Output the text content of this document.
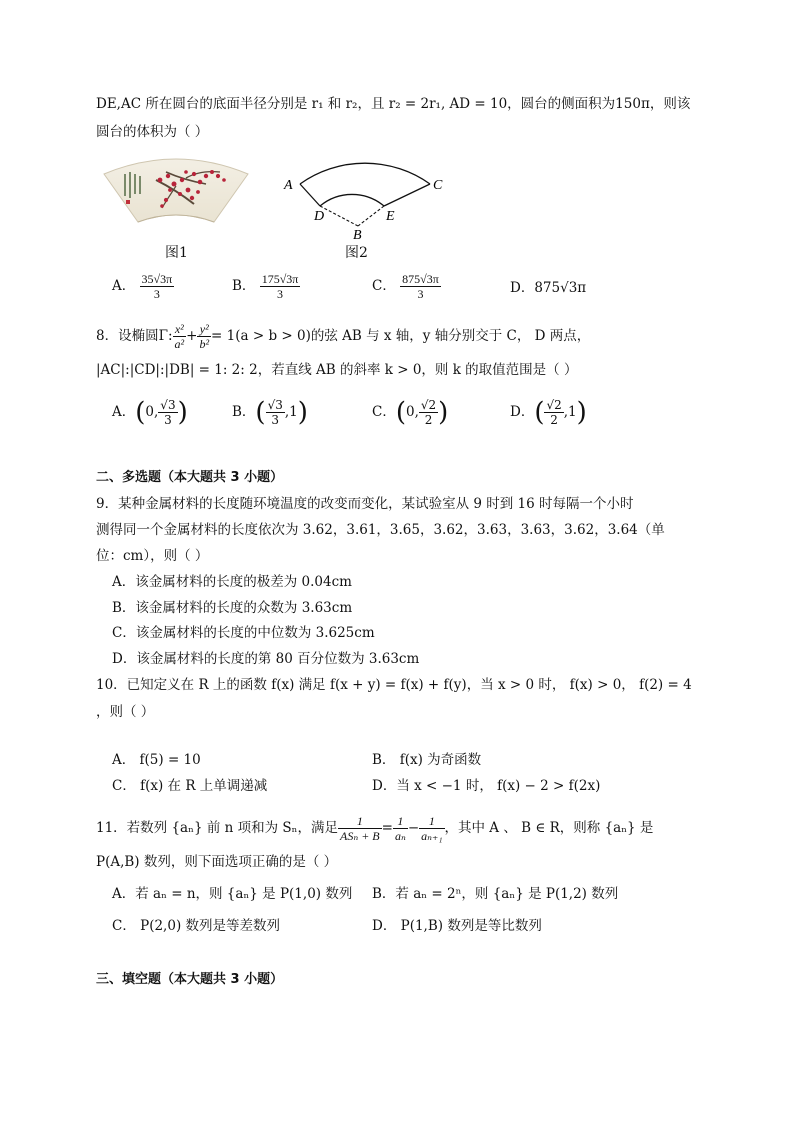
DE,AC 所在圆台的底面半径分别是 r₁ 和 r₂，且 r₂ = 2r₁, AD = 10，圆台的侧面积为150π，则该
圆台的体积为（ ）
图1
A	C
D	E
B
图2
A． $\frac{35√3\pi}{3}$	B． $\frac{175√3\pi}{3}$	C． $\frac{875√3\pi}{3}$	D．875√3π
8．设椭圆Γ: $\frac{\text{x²}}{\text{a²}} + \frac{\text{y²}}{\text{b²}} = 1(a > b > 0)$的弦 AB 与 x 轴，y 轴分别交于 C， D 两点，
|AC|:|CD|:|DB| = 1: 2: 2，若直线 AB 的斜率 k > 0，则 k 的取值范围是（ ）
A．(0, $\frac{√3}{3}$ )	B．( $\frac{√3}{3} ,1$)	C．(0, $\frac{√2}{2}$ )	D．( $\frac{√2}{2} ,1$)
二、多选题（本大题共 3 小题）
9．某种金属材料的长度随环境温度的改变而变化，某试验室从 9 时到 16 时每隔一个小时
测得同一个金属材料的长度依次为 3.62，3.61，3.65，3.62，3.63，3.63，3.62，3.64（单
位：cm），则（ ）
A．该金属材料的长度的极差为 0.04cm
B．该金属材料的长度的众数为 3.63cm
C．该金属材料的长度的中位数为 3.625cm
D．该金属材料的长度的第 80 百分位数为 3.63cm
10．已知定义在 R 上的函数 f(x) 满足 f(x + y) = f(x) + f(y)，当 x > 0 时， f(x) > 0， f(2) = 4
，则（ ）
A． f(5) = 10	B． f(x) 为奇函数
C． f(x) 在 R 上单调递减	D．当 x < −1 时， f(x) − 2 > f(2x)
11．若数列 {aₙ} 前 n 项和为 Sₙ，满足 $\frac{1}{\text{ASₙ + B}} = \frac{1}{\text{aₙ}} - \frac{1}{\text{aₙ₊₁}}$ ，其中 A 、 B ∈ R，则称 {aₙ} 是
P(A,B) 数列，则下面选项正确的是（ ）
A．若 aₙ = n，则 {aₙ} 是 P(1,0) 数列 B．若 aₙ = 2ⁿ，则 {aₙ} 是 P(1,2) 数列
C． P(2,0) 数列是等差数列	D． P(1,B) 数列是等比数列
三、填空题（本大题共 3 小题）
